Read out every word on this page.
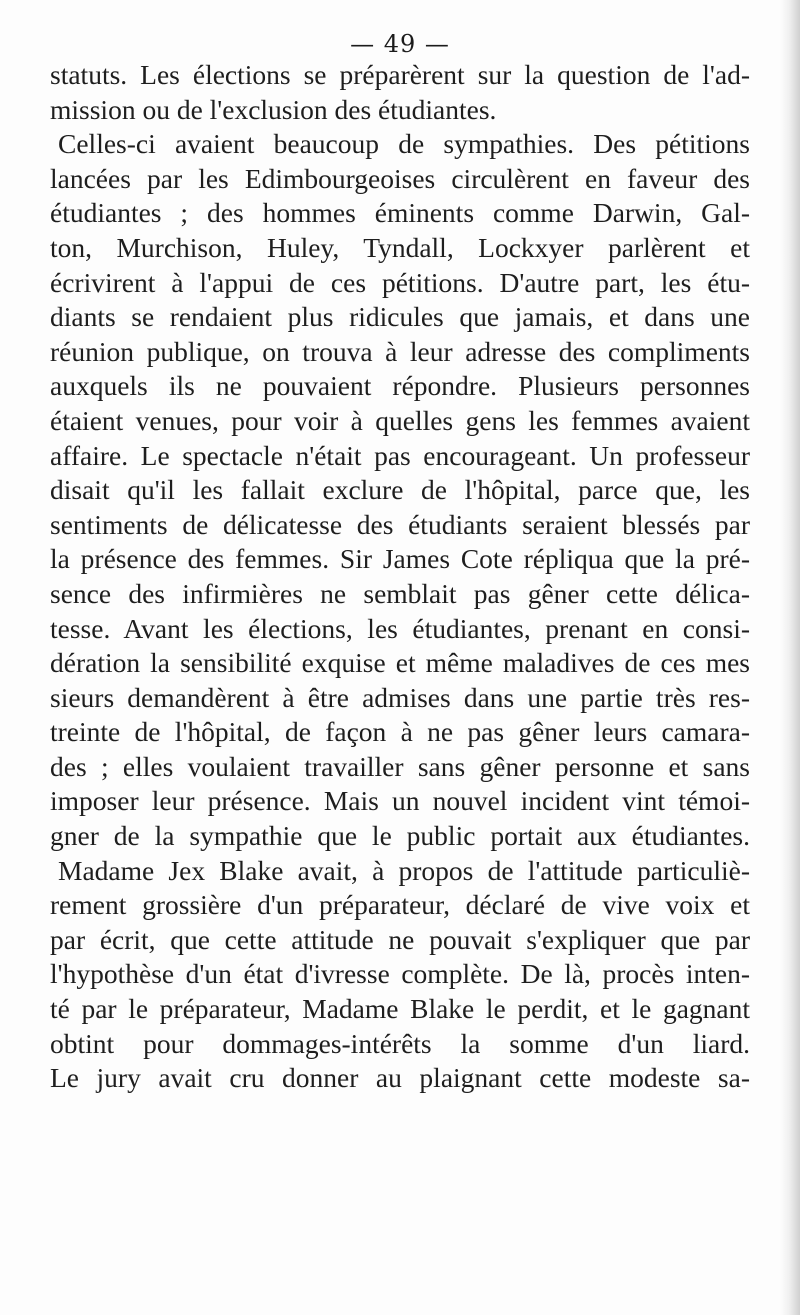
— 49 —
statuts. Les élections se préparèrent sur la question de l'ad-
mission ou de l'exclusion des étudiantes.
Celles-ci avaient beaucoup de sympathies. Des pétitions
lancées par les Edimbourgeoises circulèrent en faveur des
étudiantes ; des hommes éminents comme Darwin, Gal-
ton, Murchison, Huley, Tyndall, Lockxyer parlèrent et
écrivirent à l'appui de ces pétitions. D'autre part, les étu-
diants se rendaient plus ridicules que jamais, et dans une
réunion publique, on trouva à leur adresse des compliments
auxquels ils ne pouvaient répondre. Plusieurs personnes
étaient venues, pour voir à quelles gens les femmes avaient
affaire. Le spectacle n'était pas encourageant. Un professeur
disait qu'il les fallait exclure de l'hôpital, parce que, les
sentiments de délicatesse des étudiants seraient blessés par
la présence des femmes. Sir James Cote répliqua que la pré-
sence des infirmières ne semblait pas gêner cette délica-
tesse. Avant les élections, les étudiantes, prenant en consi-
dération la sensibilité exquise et même maladives de ces mes
sieurs demandèrent à être admises dans une partie très res-
treinte de l'hôpital, de façon à ne pas gêner leurs camara-
des ; elles voulaient travailler sans gêner personne et sans
imposer leur présence. Mais un nouvel incident vint témoi-
gner de la sympathie que le public portait aux étudiantes.
Madame Jex Blake avait, à propos de l'attitude particuliè-
rement grossière d'un préparateur, déclaré de vive voix et
par écrit, que cette attitude ne pouvait s'expliquer que par
l'hypothèse d'un état d'ivresse complète. De là, procès inten-
té par le préparateur, Madame Blake le perdit, et le gagnant
obtint pour dommages-intérêts la somme d'un liard.
Le jury avait cru donner au plaignant cette modeste sa-
